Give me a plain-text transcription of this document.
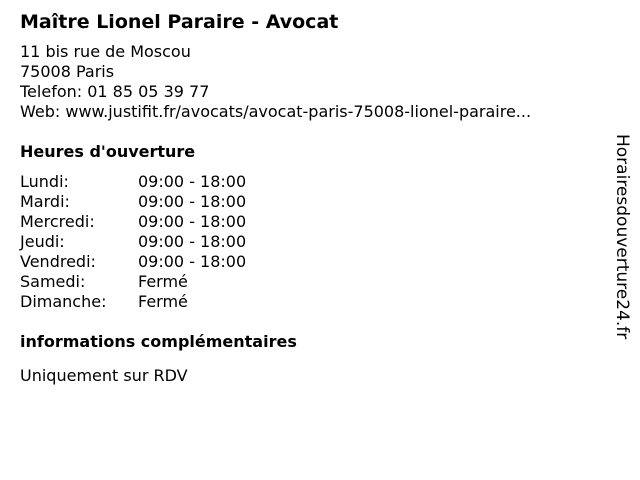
Maître Lionel Paraire - Avocat
11 bis rue de Moscou
75008 Paris
Telefon: 01 85 05 39 77
Web: www.justifit.fr/avocats/avocat-paris-75008-lionel-paraire...
Heures d'ouverture
Lundi:	09:00 - 18:00
Mardi:	09:00 - 18:00
Mercredi:	09:00 - 18:00
Jeudi:	09:00 - 18:00
Vendredi:	09:00 - 18:00
Samedi:	Fermé
Dimanche:	Fermé
informations complémentaires
Uniquement sur RDV
Horairesdouverture24.fr
